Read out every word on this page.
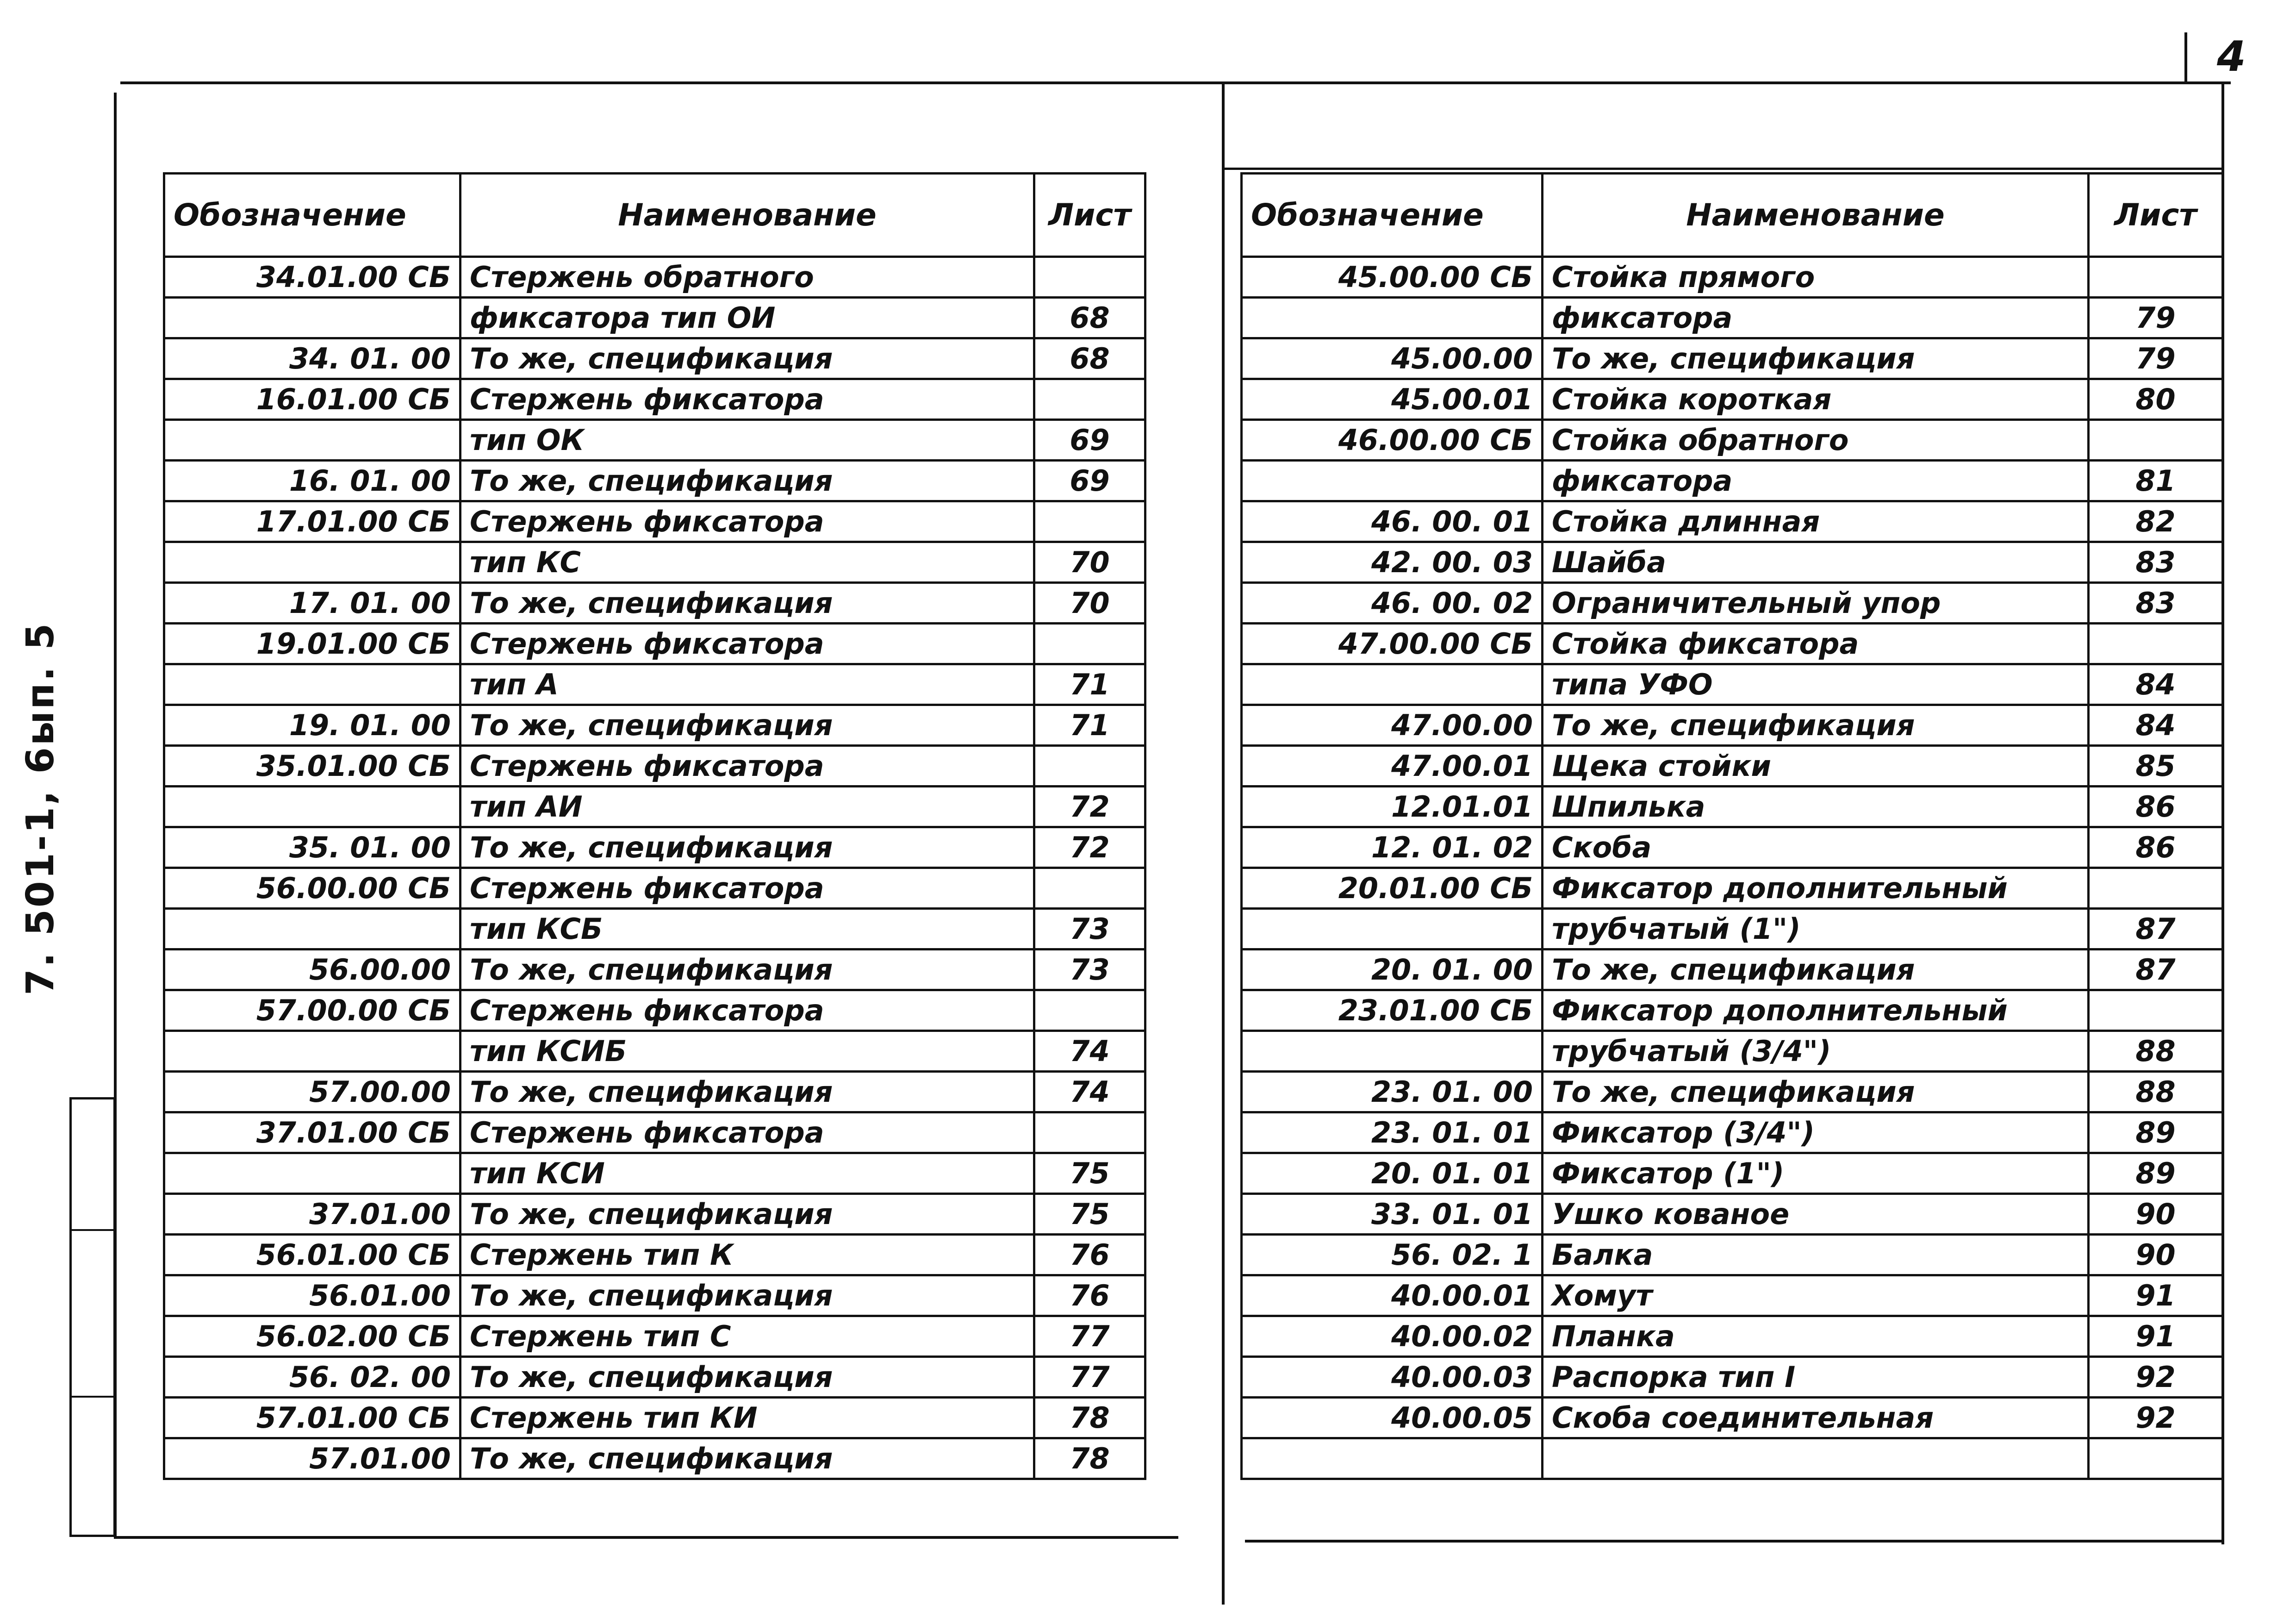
4
7. 501-1, 6ып. 5
Обозначение	Наименование	Лист
34.01.00 СБ	Стержень обратного	
	фиксатора тип ОИ	68
34. 01. 00	То же, спецификация	68
16.01.00 СБ	Стержень фиксатора	
	тип ОК	69
16. 01. 00	То же, спецификация	69
17.01.00 СБ	Стержень фиксатора	
	тип КС	70
17. 01. 00	То же, спецификация	70
19.01.00 СБ	Стержень фиксатора	
	тип А	71
19. 01. 00	То же, спецификация	71
35.01.00 СБ	Стержень фиксатора	
	тип АИ	72
35. 01. 00	То же, спецификация	72
56.00.00 СБ	Стержень фиксатора	
	тип КСБ	73
56.00.00	То же, спецификация	73
57.00.00 СБ	Стержень фиксатора	
	тип КСИБ	74
57.00.00	То же, спецификация	74
37.01.00 СБ	Стержень фиксатора	
	тип КСИ	75
37.01.00	То же, спецификация	75
56.01.00 СБ	Стержень тип К	76
56.01.00	То же, спецификация	76
56.02.00 СБ	Стержень тип С	77
56. 02. 00	То же, спецификация	77
57.01.00 СБ	Стержень тип КИ	78
57.01.00	То же, спецификация	78
Обозначение	Наименование	Лист
45.00.00 СБ	Стойка прямого	
	фиксатора	79
45.00.00	То же, спецификация	79
45.00.01	Стойка короткая	80
46.00.00 СБ	Стойка обратного	
	фиксатора	81
46. 00. 01	Стойка длинная	82
42. 00. 03	Шайба	83
46. 00. 02	Ограничительный упор	83
47.00.00 СБ	Стойка фиксатора	
	типа УФО	84
47.00.00	То же, спецификация	84
47.00.01	Щека стойки	85
12.01.01	Шпилька	86
12. 01. 02	Скоба	86
20.01.00 СБ	Фиксатор дополнительный	
	трубчатый (1")	87
20. 01. 00	То же, спецификация	87
23.01.00 СБ	Фиксатор дополнительный	
	трубчатый (3/4")	88
23. 01. 00	То же, спецификация	88
23. 01. 01	Фиксатор (3/4")	89
20. 01. 01	Фиксатор (1")	89
33. 01. 01	Ушко кованое	90
56. 02. 1	Балка	90
40.00.01	Хомут	91
40.00.02	Планка	91
40.00.03	Распорка тип I	92
40.00.05	Скоба соединительная	92
